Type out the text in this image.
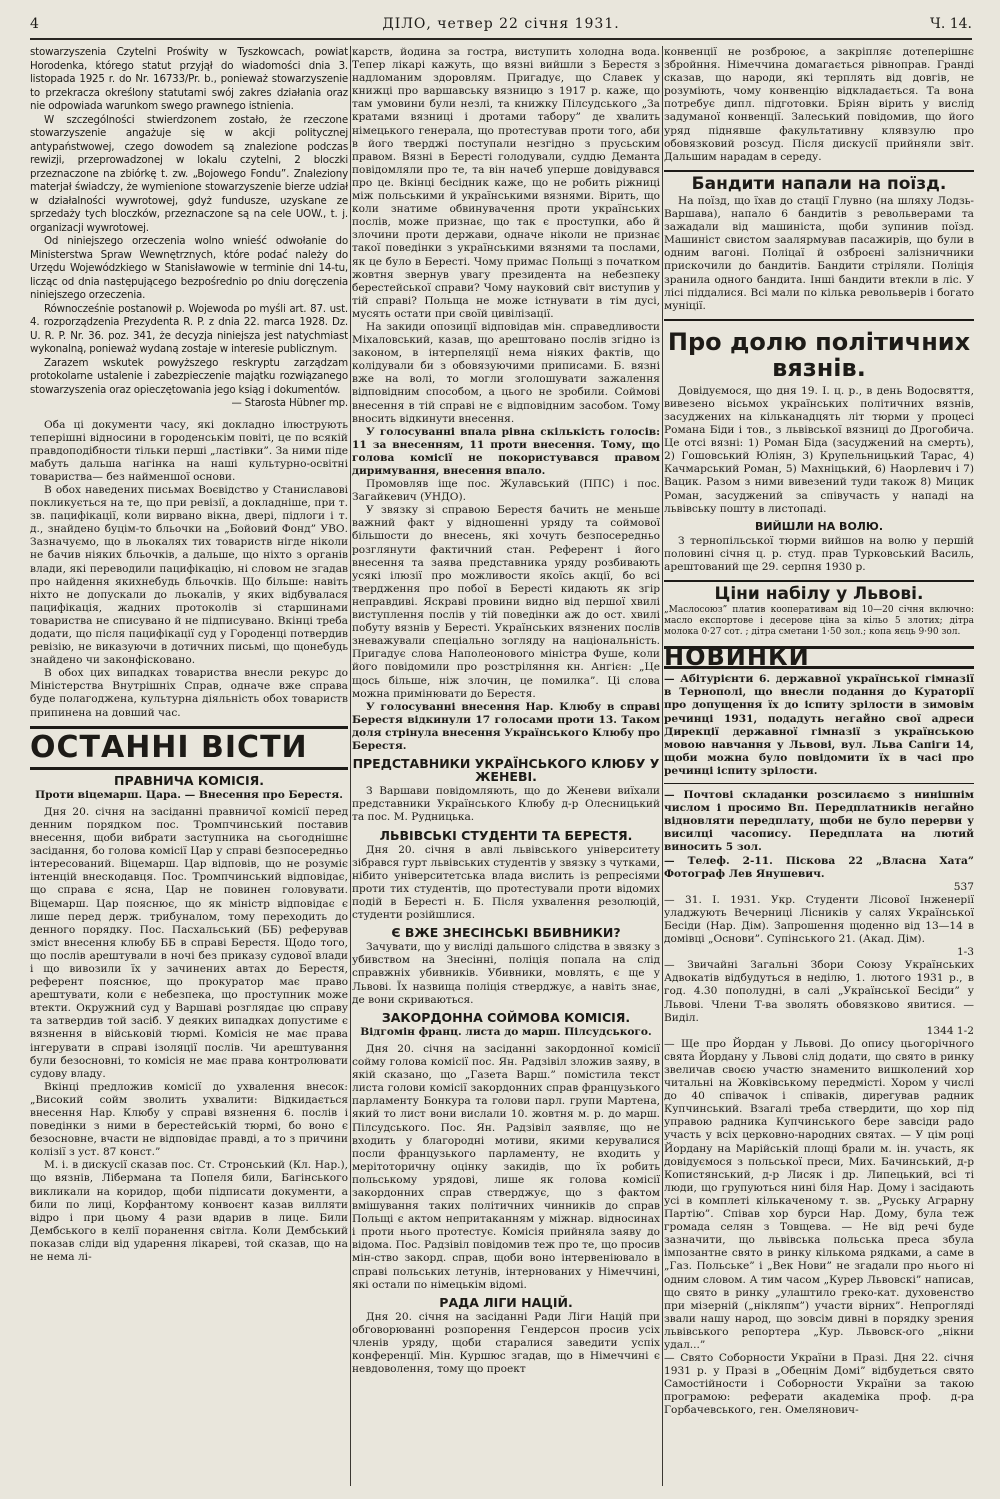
4	ДІЛО, четвер 22 січня 1931.	Ч. 14.

stowarzyszenia Czytelni Proświty w Tyszkowcach, powiat Horodenka, którego statut przyjął do wiadomości dnia 3. listopada 1925 r. do Nr. 16733/Pr. b., ponieważ stowarzyszenie to przekracza określony statutami swój zakres działania oraz nie odpowiada warunkom swego prawnego istnienia.

W szczególności stwierdzonem zostało, że rzeczone stowarzyszenie angażuje się w akcji politycznej antypaństwowej, czego dowodem są znalezione podczas rewizji, przeprowadzonej w lokalu czytelni, 2 bloczki przeznaczone na zbiórkę t. zw. „Bojowego Fondu”. Znaleziony materjał świadczy, że wymienione stowarzyszenie bierze udział w działalności wywrotowej, gdyż fundusze, uzyskane ze sprzedaży tych bloczków, przeznaczone są na cele UOW., t. j. organizacji wywrotowej.

Od niniejszego orzeczenia wolno wnieść odwołanie do Ministerstwa Spraw Wewnętrznych, które podać należy do Urzędu Wojewódzkiego w Stanisławowie w terminie dni 14-tu, licząc od dnia następującego bezpośrednio po dniu doręczenia niniejszego orzeczenia.

Równocześnie postanowił p. Wojewoda po myśli art. 87. ust. 4. rozporządzenia Prezydenta R. P. z dnia 22. marca 1928. Dz. U. R. P. Nr. 36. poz. 341, że decyzja niniejsza jest natychmiast wykonalną, ponieważ wydaną zostaje w interesie publicznym.

Zarazem wskutek powyższego reskryptu zarządzam protokolarne ustalenie i zabezpieczenie majątku rozwiązanego stowarzyszenia oraz opieczętowania jego ksiąg i dokumentów.

— Starosta Hübner mp.

Оба ці документи часу, які докладно ілюструють теперішні відносини в городенськім повіті, це по всякій правдоподібности тільки перші „ластівки”. За ними піде мабуть дальша нагінка на наші культурно-освітні товариства— без найменшої основи.

В обох наведених письмах Воєвідство у Станиславові покликується на те, що при ревізії, а докладніше, при т. зв. пацифікації, коли вирвано вікна, двері, підлоги і т. д., знайдено буцім-то бльочки на „Бойовий Фонд” УВО. Зазначуємо, що в льокалях тих товариств нігде ніколи не бачив ніяких бльочків, а дальше, що ніхто з органів влади, які переводили пацифікацію, ні словом не згадав про найдення якихнебудь бльочків. Що більше: навіть ніхто не допускали до льокалів, у яких відбувалася пацифікація, жадних протоколів зі старшинами товариства не списувано й не підписувано. Вкінці треба додати, що після пацифікації суд у Городенці потвердив ревізію, не виказуючи в дотичних письмі, що щонебудь знайдено чи законфісковано.

В обох цих випадках товариства внесли рекурс до Міністерства Внутрішніх Справ, одначе вже справа буде полагоджена, культурна діяльність обох товариств припинена на довший час.

ОСТАННІ ВІСТИ
ПРАВНИЧА КОМІСІЯ.
Проти віцемарш. Цара. — Внесення про Берестя.

Дня 20. січня на засіданні правничої комісії перед денним порядком пос. Тромпчинський поставив внесення, щоби вибрати заступника на сьогоднішнє засідання, бо голова комісії Цар у справі безпосередньо інтересований. Віцемарш. Цар відповів, що не розуміє інтенцій внескодавця. Пос. Тромпчинський відповідає, що справа є ясна, Цар не повинен головувати. Віцемарш. Цар пояснює, що як міністр відповідає є лише перед держ. трибуналом, тому переходить до денного порядку. Пос. Пасхальський (ББ) реферував зміст внесення клюбу ББ в справі Берестя. Щодо того, що послів арештували в ночі без приказу судової влади і що вивозили їх у зачинених автах до Берестя, референт пояснює, що прокуратор має право арештувати, коли є небезпека, що проступник може втекти. Окружний суд у Варшаві розглядає цю справу та затвердив той засіб. У деяких випадках допустиме є вязнення в військовій тюрмі. Комісія не має права інгерувати в справі ізоляції послів. Чи арештування були безосновні, то комісія не має права контролювати судову владу.

Вкінці предложив комісії до ухвалення внесок: „Високий сойм зволить ухвалити: Відкидається внесення Нар. Клюбу у справі вязнення 6. послів і поведінки з ними в берестейській тюрмі, бо воно є безосновне, вчасти не відповідає правді, а то з причини колізії з уст. 87 конст.”

М. і. в дискусії сказав пос. Ст. Стронський (Кл. Нар.), що вязнів, Лібермана та Попеля били, Багінського викликали на коридор, щоби підписати документи, а били по лиці, Корфантому конвоєнт казав вилляти відро і при цьому 4 рази вдарив в лице. Били Дембського в келії поранення світла. Коли Дембський показав сліди від ударення лікареві, той сказав, що на не нема лі-

карств, йодина за гостра, виступить холодна вода. Тепер лікарі кажуть, що вязні вийшли з Берестя з надломаним здоровлям. Пригадує, що Славек у книжці про варшавську вязницю з 1917 р. каже, що там умовини були незлі, та книжку Пілсудського „За кратами вязниці і дротами табору” де хвалить німецького генерала, що протестував проти того, аби в його тверджі поступали незгідно з прусьским правом. Вязні в Бересті голодували, суддю Деманта повідомляли про те, та він начеб уперше довідувався про це. Вкінці бесідник каже, що не робить ріжниці між польськими й українськими вязнями. Вірить, що коли знатиме обвинувачення проти українських послів, може признає, що так є проступки, або й злочини проти держави, одначе ніколи не признає такої поведінки з українськими вязнями та послами, як це було в Бересті. Чому примас Польщі з початком жовтня звернув увагу президента на небезпеку берестейської справи? Чому науковий світ виступив у тій справі? Польща не може істнувати в тім дусі, мусять остати при своїй цивілізації.

На закиди опозиції відповідав мін. справедливости Міхаловський, казав, що арештовано послів згідно із законом, в інтерпеляції нема ніяких фактів, що колідували би з обовязуючими приписами. Б. вязні вже на волі, то могли зголошувати зажалення відповідним способом, а цього не зробили. Соймові внесення в тій справі не є відповідним засобом. Тому вносить відкинути внесення.

У голосуванні впала рівна скількість голосів: 11 за внесенням, 11 проти внесення. Тому, що голова комісії не покористувався правом диримування, внесення впало.

Промовляв іще пос. Жулавський (ППС) і пос. Загайкевич (УНДО).

У звязку зі справою Берестя бачить не меньше важний факт у відношенні уряду та соймової більшости до внесень, які хочуть безпосередньо розглянути фактичний стан. Референт і його внесення та заява представника уряду розбивають усякі ілюзії про можливости якоїсь акції, бо всі твердження про побої в Бересті кидають як згір неправдиві. Яскраві провини видно від першої хвилі виступлення послів у тій поведінки аж до ост. хвилі побуту вязнів у Бересті. Українських вязнених послів зневажували спеціально зогляду на національність. Пригадує слова Наполеонового міністра Фуше, коли його повідомили про розстріляння кн. Ангієн: „Це щось більше, ніж злочин, це помилка”. Ці слова можна примінювати до Берестя.

У голосуванні внесення Нар. Клюбу в справі Берестя відкинули 17 голосами проти 13. Таком доля стрінула внесення Українського Клюбу про Берестя.

ПРЕДСТАВНИКИ УКРАЇНСЬКОГО КЛЮБУ У ЖЕНЕВІ.

З Варшави повідомляють, що до Женеви виїхали представники Українського Клюбу д-р Олесницький та пос. М. Рудницька.

ЛЬВІВСЬКІ СТУДЕНТИ ТА БЕРЕСТЯ.

Дня 20. січня в авлі львівського університету зібрався гурт львівських студентів у звязку з чутками, нібито університетська влада вислить із репресіями проти тих студентів, що протестували проти відомих подій в Бересті н. Б. Після ухвалення резолюцій, студенти розійшлися.

Є ВЖЕ ЗНЕСІНСЬКІ ВБИВНИКИ?

Зачувати, що у висліді дальшого слідства в звязку з убивством на Знесінні, поліція попала на слід справжніх убивників. Убивники, мовлять, є ще у Львові. Їх назвища поліція стверджує, а навіть знає, де вони скриваються.

ЗАКОРДОННА СОЙМОВА КОМІСІЯ.
Відгомін франц. листа до марш. Пілсудського.

Дня 20. січня на засіданні закордонної комісії сойму голова комісії пос. Ян. Радзівіл зложив заяву, в якій сказано, що „Газета Варш.” помістила текст листа голови комісії закордонних справ французького парламенту Бонкура та голови парл. групи Мартена, який то лист вони вислали 10. жовтня м. р. до марш. Пілсудського. Пос. Ян. Радзівіл заявляє, що не входить у благородні мотиви, якими керувалися посли французького парламенту, не входить у мерітоторичну оцінку закидів, що їх робить польському урядові, лише як голова комісії закордонних справ стверджує, що з фактом вмішування таких політичних чинників до справ Польщі є актом непритаканням у міжнар. відносинах і проти нього протестує. Комісія прийняла заяву до відома. Пос. Радзівіл повідомив теж про те, що просив мін-ство закорд. справ, щоби воно інтервеніювало в справі польських летунів, інтернованих у Німеччині, які остали по німецькім відомі.

РАДА ЛІГИ НАЦІЙ.

Дня 20. січня на засіданні Ради Ліги Націй при обговорюванні розпорення Гендерсон просив усіх членів уряду, щоби старалися заведити успіх конференції. Мін. Куршюс згадав, що в Німеччині є невдоволення, тому що проект

конвенції не розброює, а закріпляє дотеперішнє збройння. Німеччина домагається рівноправ. Гранді сказав, що народи, які терплять від довгів, не розуміють, чому конвенцію відкладається. Та вона потребує дипл. підготовки. Бріян вірить у вислід задуманої конвенції. Залеський повідомив, що його уряд піднявше факультативну клявзулю про обовязковий розсуд. Після дискусії прийняли звіт. Дальшим нарадам в середу.

Бандити напали на поїзд.

На поїзд, що їхав до стації Глувно (на шляху Лодзь-Варшава), напало 6 бандитів з револьверами та зажадали від машиніста, щоби зупинив поїзд. Машиніст свистом заалярмував пасажирів, що були в одним вагоні. Поліцаї й озброєні залізничники прискочили до бандитів. Бандити стріляли. Поліція зранила одного бандита. Інші бандити втекли в ліс. У лісі піддалися. Всі мали по кілька револьверів і богато муніції.

Про долю політичних вязнів.

Довідуємося, що дня 19. I. ц. р., в день Водосвяття, вивезено вісьмох українських політичних вязнів, засуджених на кільканадцять літ тюрми у процесі Романа Біди і тов., з львівської вязниці до Дрогобича. Це отсі вязні: 1) Роман Біда (засуджений на смерть), 2) Гошовський Юліян, 3) Крупельницький Тарас, 4) Качмарський Роман, 5) Махніцький, 6) Наорлевич і 7) Вацик. Разом з ними вивезений туди також 8) Мицик Роман, засуджений за співучасть у нападі на львівську пошту в листопаді.

ВИЙШЛИ НА ВОЛЮ.

З тернопільської тюрми вийшов на волю у першій половині січня ц. р. студ. прав Турковський Василь, арештований ще 29. серпня 1930 р.

Ціни набілу у Львові.

„Маслосоюз” платив кооперативам від 10—20 січня включно: масло експортове і десерове ціна за кільо 5 злотих; дітра молока 0·27 сот. ; дітра сметани 1·50 зол.; копа яєць 9·90 зол.

НОВИНКИ

— Абітурієнти 6. державної української гімназії в Тернополі, що внесли подання до Кураторії про допущення їх до іспиту зрілости в зимовім речинці 1931, подадуть негайно свої адреси Дирекції державної гімназії з українською мовою навчання у Львові, вул. Льва Сапіги 14, щоби можна було повідомити їх в часі про речинці іспиту зрілости.

— Почтові складанки розсилаємо з нинішнім числом і просимо Вп. Передплатників негайно відновляти передплату, щоби не було перерви у висилці часопису. Передплата на лютий виносить 5 зол.

— Телеф. 2-11. Піскова 22 „Власна Хата” Фотограф Лев Янушевич.

537

— 31. I. 1931. Укр. Студенти Лісової Інженерії уладжують Вечерниці Лісників у салях Української Бесіди (Нар. Дім). Запрошення щоденно від 13—14 в домівці „Основи”. Супінського 21. (Акад. Дім).

1-3

— Звичайні Загальні Збори Союзу Українських Адвокатів відбудуться в неділю, 1. лютого 1931 р., в год. 4.30 пополудні, в салі „Української Бесіди” у Львові. Члени Т-ва зволять обовязково явитися. — Виділ.

1344 1-2

— Ще про Йордан у Львові. До опису цьогорічного свята Йордану у Львові слід додати, що свято в ринку звеличав своєю участю знаменито вишколений хор читальні на Жовківському передмісті. Хором у числі до 40 співачок і співаків, дирегував радник Купчинський. Взагалі треба ствердити, що хор під управою радника Купчинського бере завсіди радо участь у всіх церковно-народних святах. — У цім році Йордану на Марійській площі брали м. ін. участь, як довідуємося з польської преси, Мих. Бачинський, д-р Копистянський, д-р Лисяк і др. Липецький, всі ті люди, що групуються нині біля Нар. Дому і засідають усі в комплеті кількаченому т. зв. „Руську Аграрну Партію”. Співав хор бурси Нар. Дому, була теж громада селян з Товщева. — Не від речі буде зазначити, що львівська польська преса збула імпозантне свято в ринку кількома рядками, а саме в „Газ. Польське” і „Век Нови” не згадали про нього ні одним словом. А тим часом „Курер Львовскі” написав, що свято в ринку „улаштило греко-кат. духовенство при мізерній („нікляпм”) участи вірних”. Непрогляді звали нашу народ, що зовсім дивні в порядку зрения львівського репортера „Кур. Львовск-ого „нікни удал...”

— Свято Соборности України в Празі. Дня 22. січня 1931 р. у Празі в „Обецнім Домі” відбудеться свято Самостійности і Соборности України за такою програмою: реферати академіка проф. д-ра Горбачевського, ген. Омелянович-
